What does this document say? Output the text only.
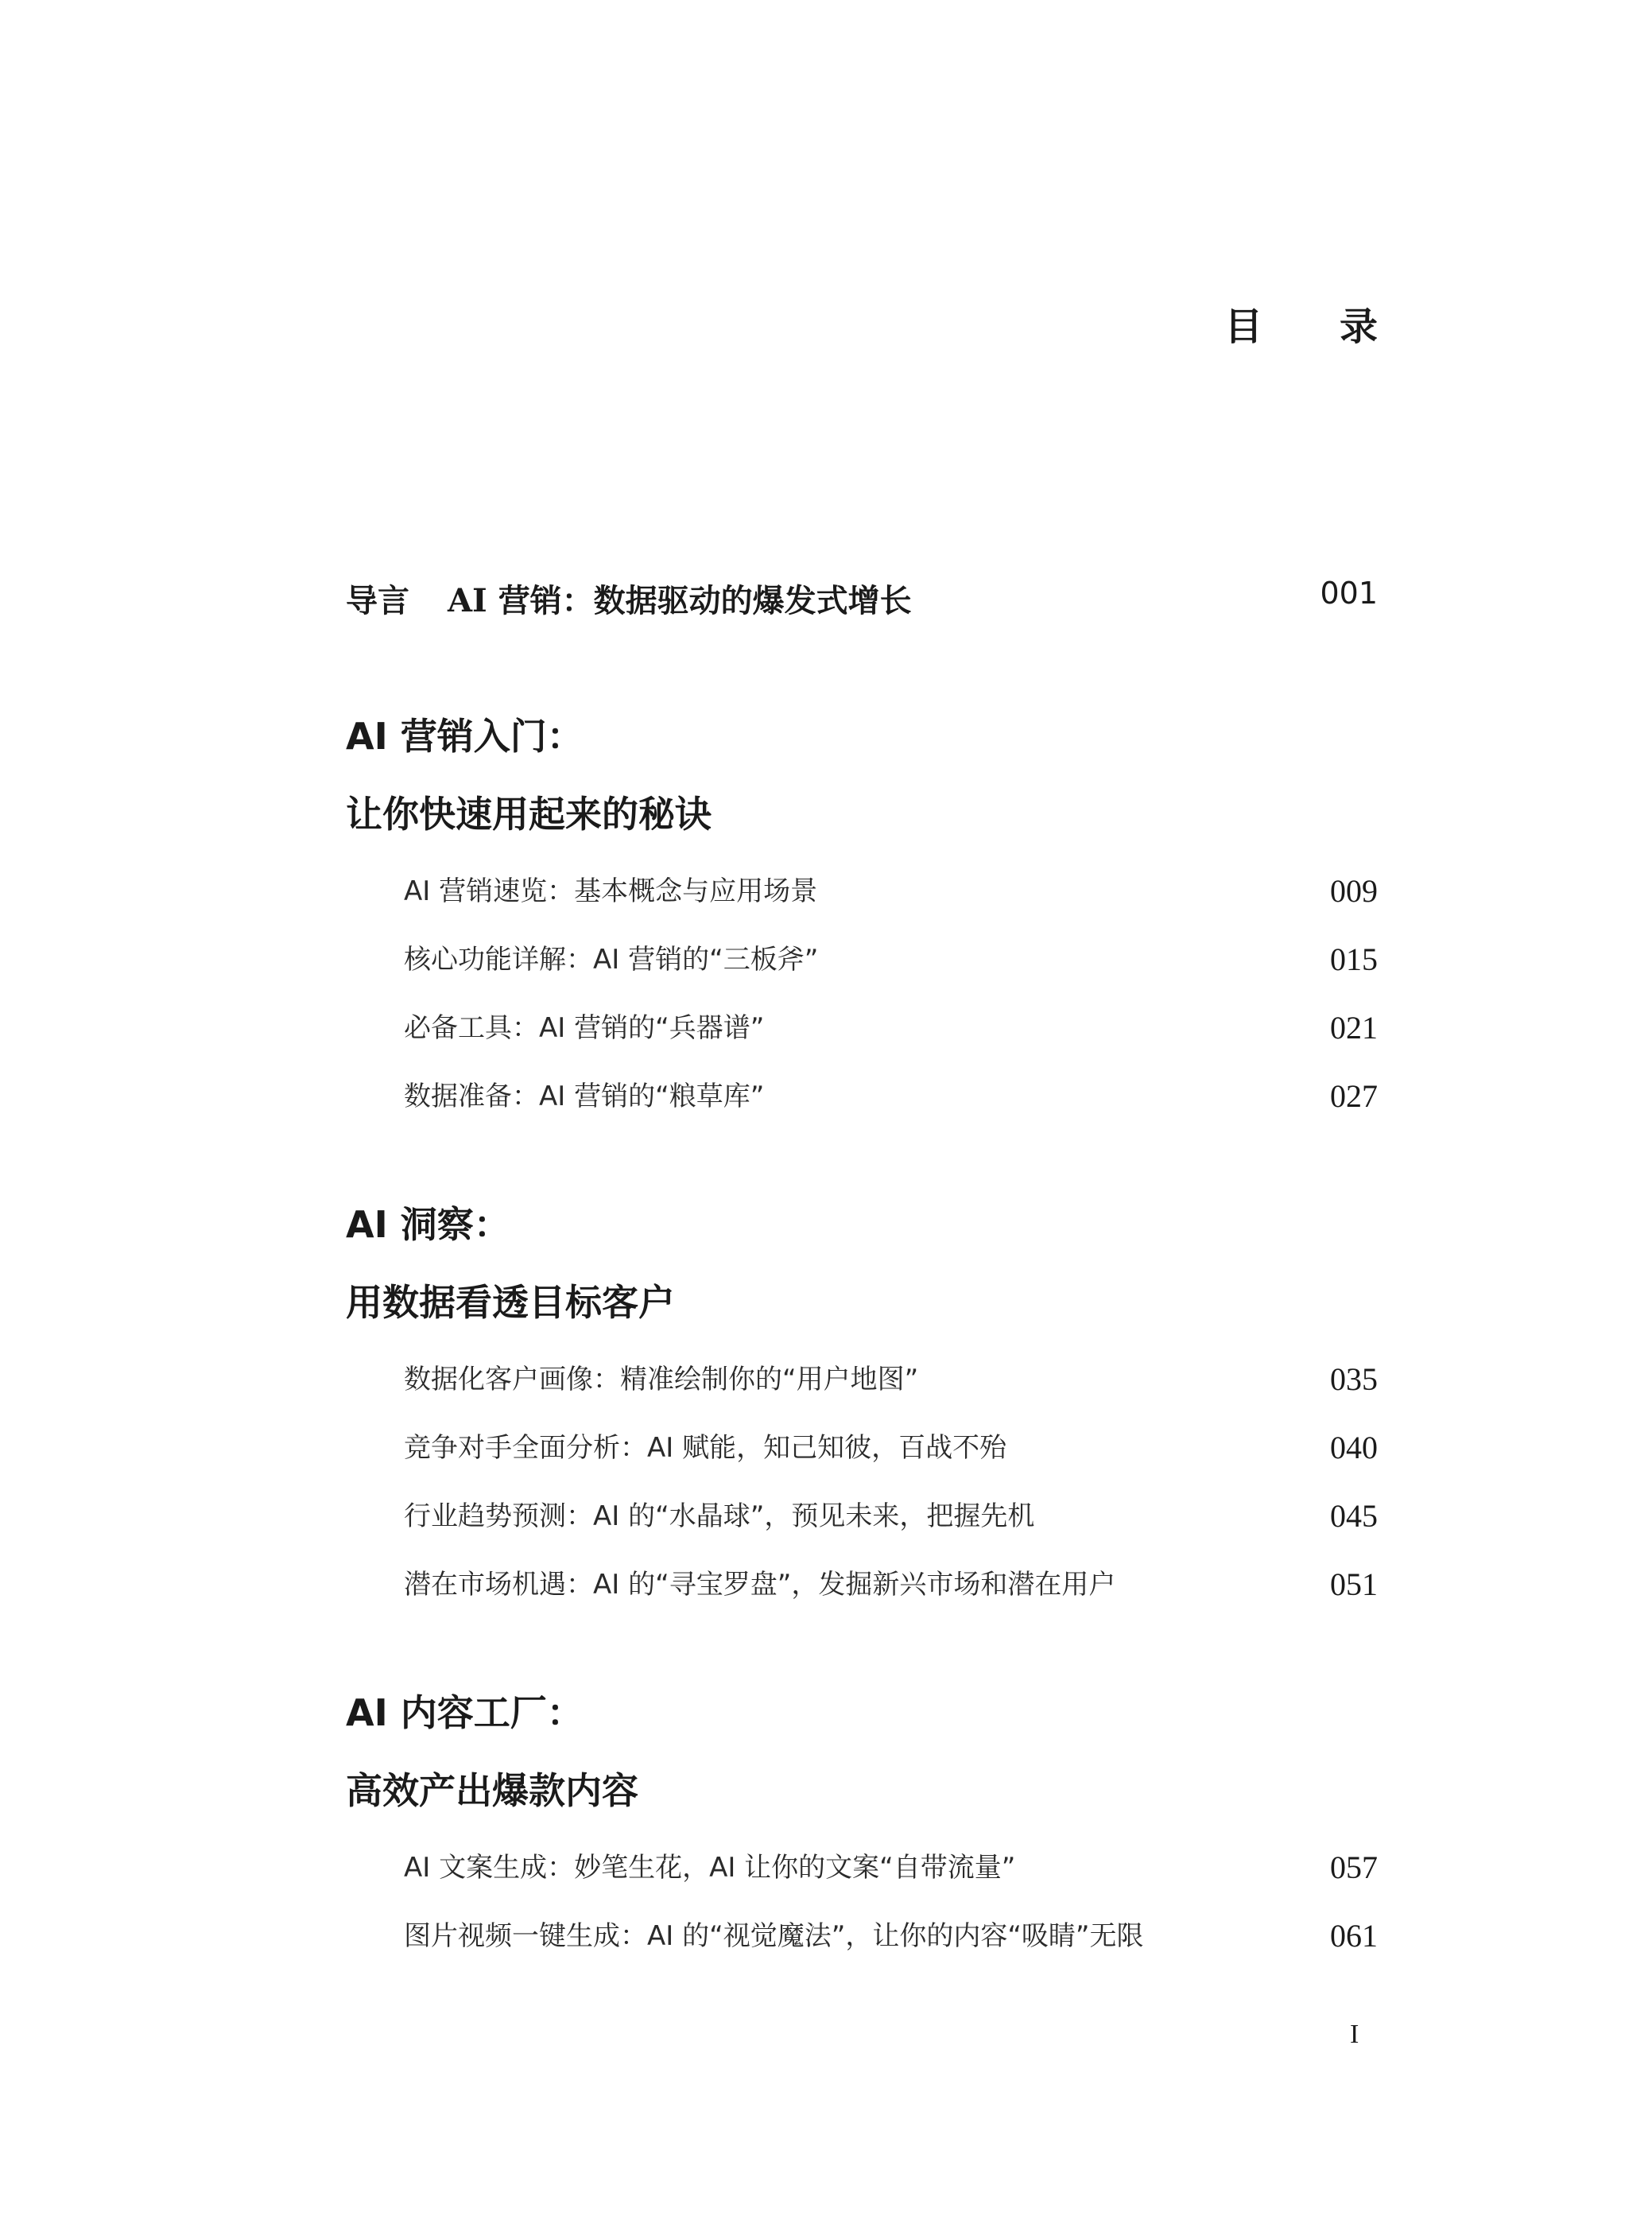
目 录
导言 AI 营销：数据驱动的爆发式增长	001
AI 营销入门：
让你快速用起来的秘诀
AI 营销速览：基本概念与应用场景	009
核心功能详解：AI 营销的“三板斧”	015
必备工具：AI 营销的“兵器谱”	021
数据准备：AI 营销的“粮草库”	027
AI 洞察：
用数据看透目标客户
数据化客户画像：精准绘制你的“用户地图”	035
竞争对手全面分析：AI 赋能，知己知彼，百战不殆	040
行业趋势预测：AI 的“水晶球”，预见未来，把握先机	045
潜在市场机遇：AI 的“寻宝罗盘”，发掘新兴市场和潜在用户	051
AI 内容工厂：
高效产出爆款内容
AI 文案生成：妙笔生花，AI 让你的文案“自带流量”	057
图片视频一键生成：AI 的“视觉魔法”，让你的内容“吸睛”无限	061
I
